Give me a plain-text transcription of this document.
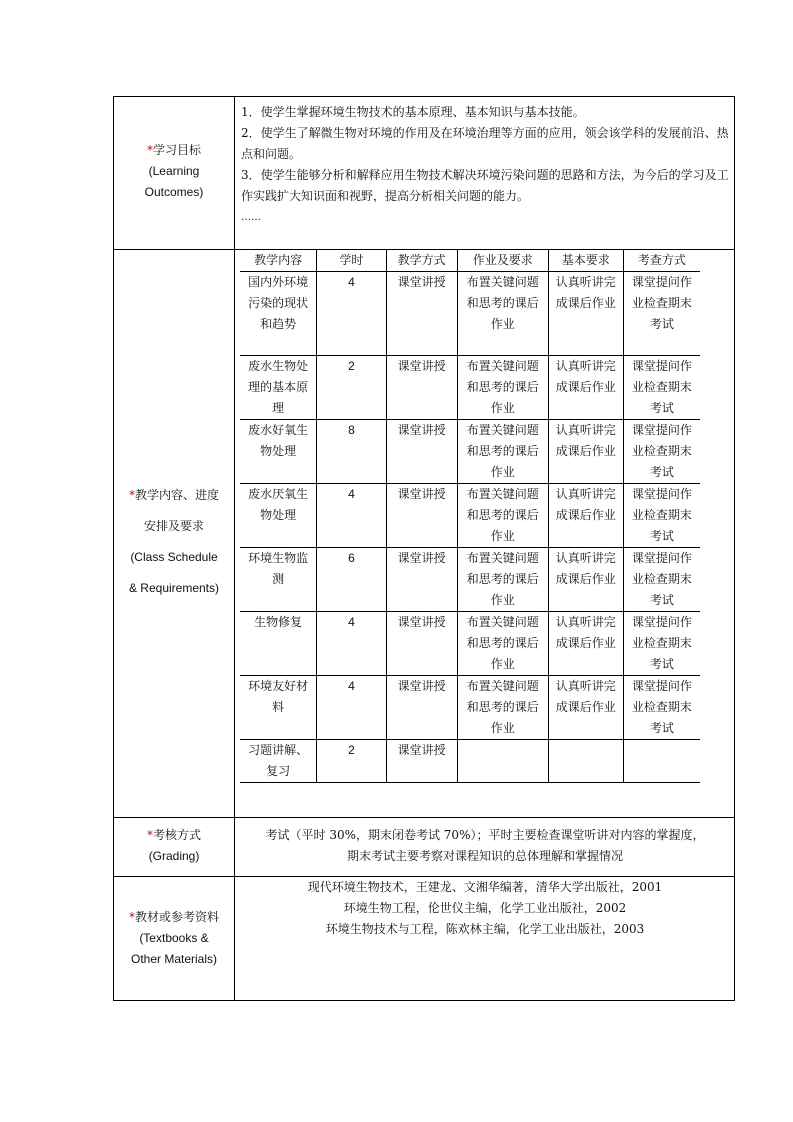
*学习目标
(Learning
Outcomes)

1．使学生掌握环境生物技术的基本原理、基本知识与基本技能。

2．使学生了解微生物对环境的作用及在环境治理等方面的应用，领会该学科的发展前沿、热点和问题。

3．使学生能够分析和解释应用生物技术解决环境污染问题的思路和方法，为今后的学习及工作实践扩大知识面和视野，提高分析相关问题的能力。

……

*教学内容、进度
安排及要求
(Class Schedule
& Requirements)
教学内容	学时	教学方式	作业及要求	基本要求	考查方式
国内外环境污染的现状和趋势	4	课堂讲授	布置关键问题和思考的课后作业	认真听讲完成课后作业	课堂提问作业检查期末考试
废水生物处理的基本原理	2	课堂讲授	布置关键问题和思考的课后作业	认真听讲完成课后作业	课堂提问作业检查期末考试
废水好氧生物处理	8	课堂讲授	布置关键问题和思考的课后作业	认真听讲完成课后作业	课堂提问作业检查期末考试
废水厌氧生物处理	4	课堂讲授	布置关键问题和思考的课后作业	认真听讲完成课后作业	课堂提问作业检查期末考试
环境生物监测	6	课堂讲授	布置关键问题和思考的课后作业	认真听讲完成课后作业	课堂提问作业检查期末考试
生物修复	4	课堂讲授	布置关键问题和思考的课后作业	认真听讲完成课后作业	课堂提问作业检查期末考试
环境友好材料	4	课堂讲授	布置关键问题和思考的课后作业	认真听讲完成课后作业	课堂提问作业检查期末考试
习题讲解、复习	2	课堂讲授			
*考核方式
(Grading)
考试（平时 30%，期末闭卷考试 70%）；平时主要检查课堂听讲对内容的掌握度，
期末考试主要考察对课程知识的总体理解和掌握情况
*教材或参考资料
(Textbooks &
Other Materials)
现代环境生物技术，王建龙、文湘华编著，清华大学出版社，2001
环境生物工程，伦世仪主编，化学工业出版社，2002
环境生物技术与工程，陈欢林主编，化学工业出版社，2003
